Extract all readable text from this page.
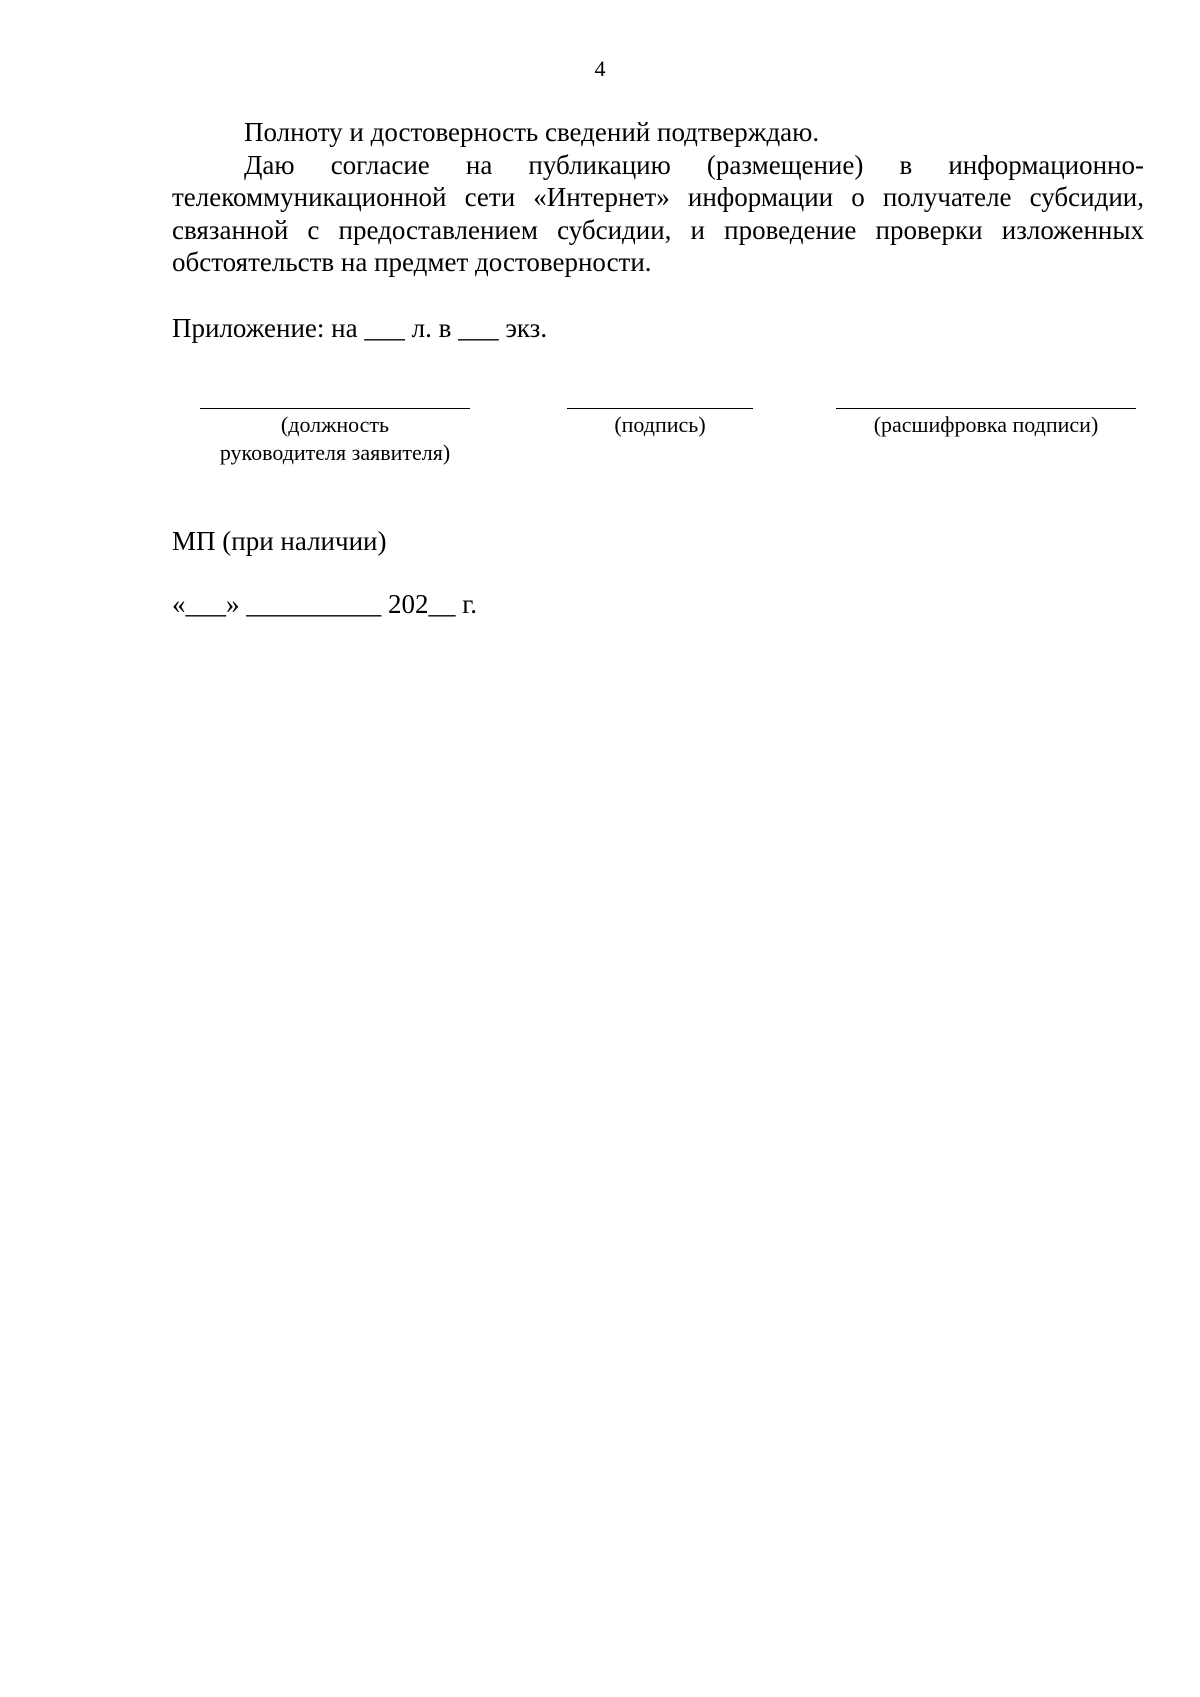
4

Полноту и достоверность сведений подтверждаю.

Даю согласие на публикацию (размещение) в информационно-телекоммуникационной сети «Интернет» информации о получателе субсидии, связанной с предоставлением субсидии, и проведение проверки изложенных обстоятельств на предмет достоверности.

Приложение: на ___ л. в ___ экз.
(должность
руководителя заявителя)
(подпись)	(расшифровка подписи)
МП (при наличии)
«___» __________ 202__ г.
